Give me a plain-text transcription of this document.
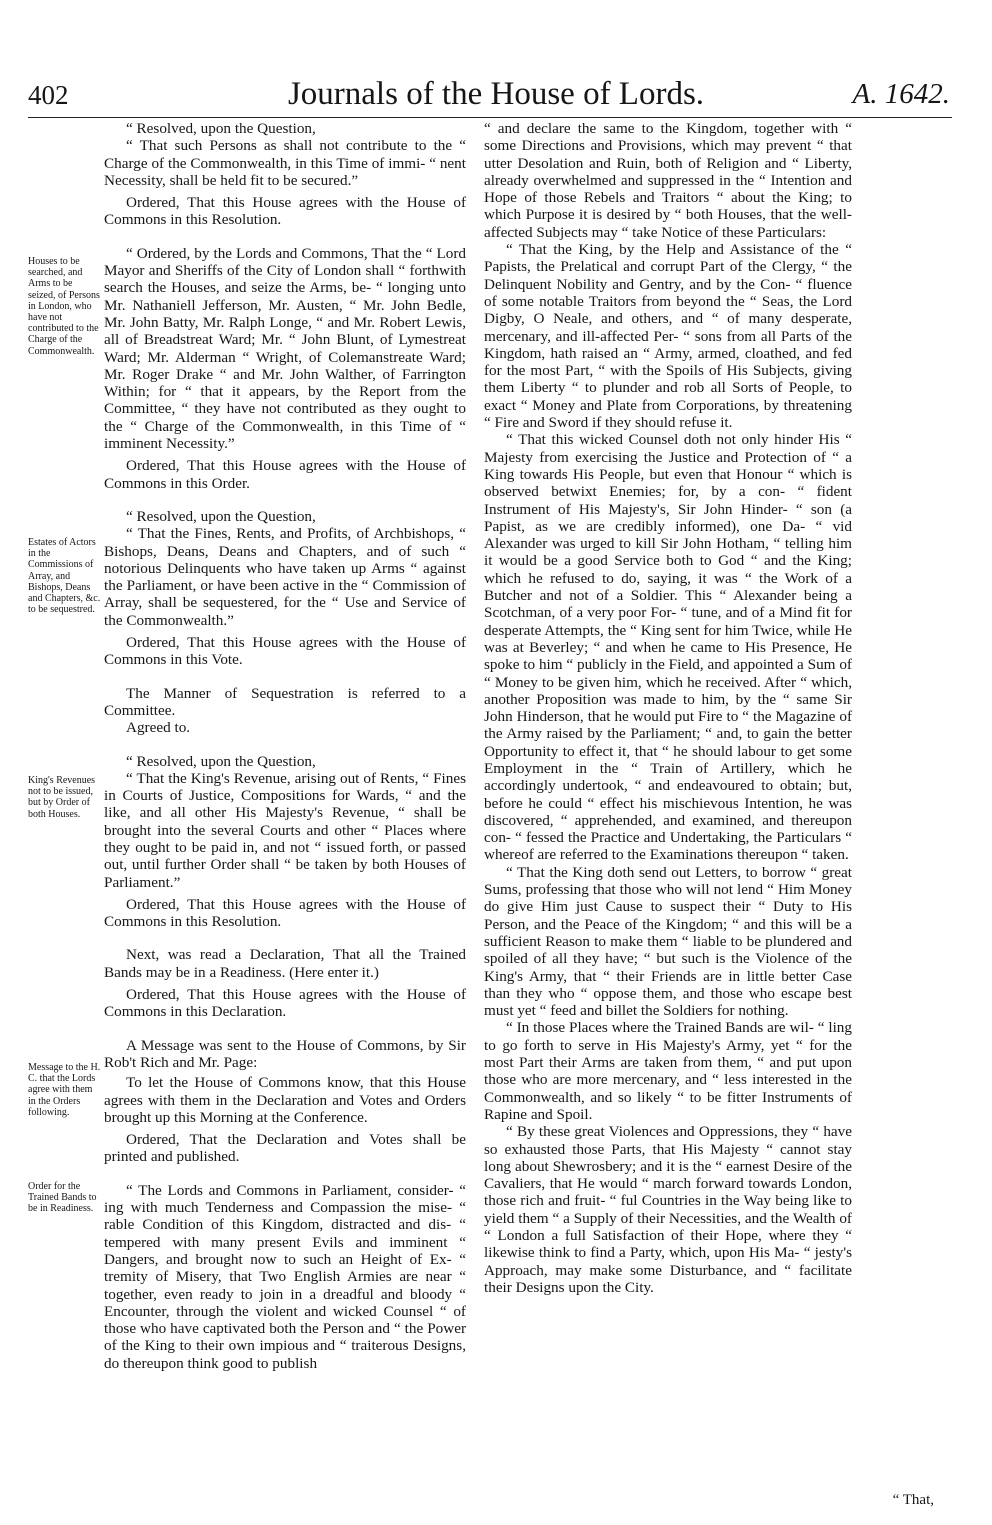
402	Journals of the House of Lords.	A. 1642.
Houses to be searched, and Arms to be seized, of Persons in London, who have not contributed to the Charge of the Commonwealth.
Estates of Actors in the Commissions of Array, and Bishops, Deans and Chapters, &c. to be sequestred.
King's Revenues not to be issued, but by Order of both Houses.
Message to the H. C. that the Lords agree with them in the Orders following.
Order for the Trained Bands to be in Readiness.

“ Resolved, upon the Question,

“ That such Persons as shall not contribute to the “ Charge of the Commonwealth, in this Time of immi- “ nent Necessity, shall be held fit to be secured.”

Ordered, That this House agrees with the House of Commons in this Resolution.

“ Ordered, by the Lords and Commons, That the “ Lord Mayor and Sheriffs of the City of London shall “ forthwith search the Houses, and seize the Arms, be- “ longing unto Mr. Nathaniell Jefferson, Mr. Austen, “ Mr. John Bedle, Mr. John Batty, Mr. Ralph Longe, “ and Mr. Robert Lewis, all of Breadstreat Ward; Mr. “ John Blunt, of Lymestreat Ward; Mr. Alderman “ Wright, of Colemanstreate Ward; Mr. Roger Drake “ and Mr. John Walther, of Farrington Within; for “ that it appears, by the Report from the Committee, “ they have not contributed as they ought to the “ Charge of the Commonwealth, in this Time of “ imminent Necessity.”

Ordered, That this House agrees with the House of Commons in this Order.

“ Resolved, upon the Question,

“ That the Fines, Rents, and Profits, of Archbishops, “ Bishops, Deans, Deans and Chapters, and of such “ notorious Delinquents who have taken up Arms “ against the Parliament, or have been active in the “ Commission of Array, shall be sequestered, for the “ Use and Service of the Commonwealth.”

Ordered, That this House agrees with the House of Commons in this Vote.

The Manner of Sequestration is referred to a Committee.

Agreed to.

“ Resolved, upon the Question,

“ That the King's Revenue, arising out of Rents, “ Fines in Courts of Justice, Compositions for Wards, “ and the like, and all other His Majesty's Revenue, “ shall be brought into the several Courts and other “ Places where they ought to be paid in, and not “ issued forth, or passed out, until further Order shall “ be taken by both Houses of Parliament.”

Ordered, That this House agrees with the House of Commons in this Resolution.

Next, was read a Declaration, That all the Trained Bands may be in a Readiness. (Here enter it.)

Ordered, That this House agrees with the House of Commons in this Declaration.

A Message was sent to the House of Commons, by Sir Rob't Rich and Mr. Page:

To let the House of Commons know, that this House agrees with them in the Declaration and Votes and Orders brought up this Morning at the Conference.

Ordered, That the Declaration and Votes shall be printed and published.

“ The Lords and Commons in Parliament, consider- “ ing with much Tenderness and Compassion the mise- “ rable Condition of this Kingdom, distracted and dis- “ tempered with many present Evils and imminent “ Dangers, and brought now to such an Height of Ex- “ tremity of Misery, that Two English Armies are near “ together, even ready to join in a dreadful and bloody “ Encounter, through the violent and wicked Counsel “ of those who have captivated both the Person and “ the Power of the King to their own impious and “ traiterous Designs, do thereupon think good to publish

“ and declare the same to the Kingdom, together with “ some Directions and Provisions, which may prevent “ that utter Desolation and Ruin, both of Religion and “ Liberty, already overwhelmed and suppressed in the “ Intention and Hope of those Rebels and Traitors “ about the King; to which Purpose it is desired by “ both Houses, that the well-affected Subjects may “ take Notice of these Particulars:

“ That the King, by the Help and Assistance of the “ Papists, the Prelatical and corrupt Part of the Clergy, “ the Delinquent Nobility and Gentry, and by the Con- “ fluence of some notable Traitors from beyond the “ Seas, the Lord Digby, O Neale, and others, and “ of many desperate, mercenary, and ill-affected Per- “ sons from all Parts of the Kingdom, hath raised an “ Army, armed, cloathed, and fed for the most Part, “ with the Spoils of His Subjects, giving them Liberty “ to plunder and rob all Sorts of People, to exact “ Money and Plate from Corporations, by threatening “ Fire and Sword if they should refuse it.

“ That this wicked Counsel doth not only hinder His “ Majesty from exercising the Justice and Protection of “ a King towards His People, but even that Honour “ which is observed betwixt Enemies; for, by a con- “ fident Instrument of His Majesty's, Sir John Hinder- “ son (a Papist, as we are credibly informed), one Da- “ vid Alexander was urged to kill Sir John Hotham, “ telling him it would be a good Service both to God “ and the King; which he refused to do, saying, it was “ the Work of a Butcher and not of a Soldier. This “ Alexander being a Scotchman, of a very poor For- “ tune, and of a Mind fit for desperate Attempts, the “ King sent for him Twice, while He was at Beverley; “ and when he came to His Presence, He spoke to him “ publicly in the Field, and appointed a Sum of “ Money to be given him, which he received. After “ which, another Proposition was made to him, by the “ same Sir John Hinderson, that he would put Fire to “ the Magazine of the Army raised by the Parliament; “ and, to gain the better Opportunity to effect it, that “ he should labour to get some Employment in the “ Train of Artillery, which he accordingly undertook, “ and endeavoured to obtain; but, before he could “ effect his mischievous Intention, he was discovered, “ apprehended, and examined, and thereupon con- “ fessed the Practice and Undertaking, the Particulars “ whereof are referred to the Examinations thereupon “ taken.

“ That the King doth send out Letters, to borrow “ great Sums, professing that those who will not lend “ Him Money do give Him just Cause to suspect their “ Duty to His Person, and the Peace of the Kingdom; “ and this will be a sufficient Reason to make them “ liable to be plundered and spoiled of all they have; “ but such is the Violence of the King's Army, that “ their Friends are in little better Case than they who “ oppose them, and those who escape best must yet “ feed and billet the Soldiers for nothing.

“ In those Places where the Trained Bands are wil- “ ling to go forth to serve in His Majesty's Army, yet “ for the most Part their Arms are taken from them, “ and put upon those who are more mercenary, and “ less interested in the Commonwealth, and so likely “ to be fitter Instruments of Rapine and Spoil.

“ By these great Violences and Oppressions, they “ have so exhausted those Parts, that His Majesty “ cannot stay long about Shewrosbery; and it is the “ earnest Desire of the Cavaliers, that He would “ march forward towards London, those rich and fruit- “ ful Countries in the Way being like to yield them “ a Supply of their Necessities, and the Wealth of “ London a full Satisfaction of their Hope, where they “ likewise think to find a Party, which, upon His Ma- “ jesty's Approach, may make some Disturbance, and “ facilitate their Designs upon the City.

“ That,
